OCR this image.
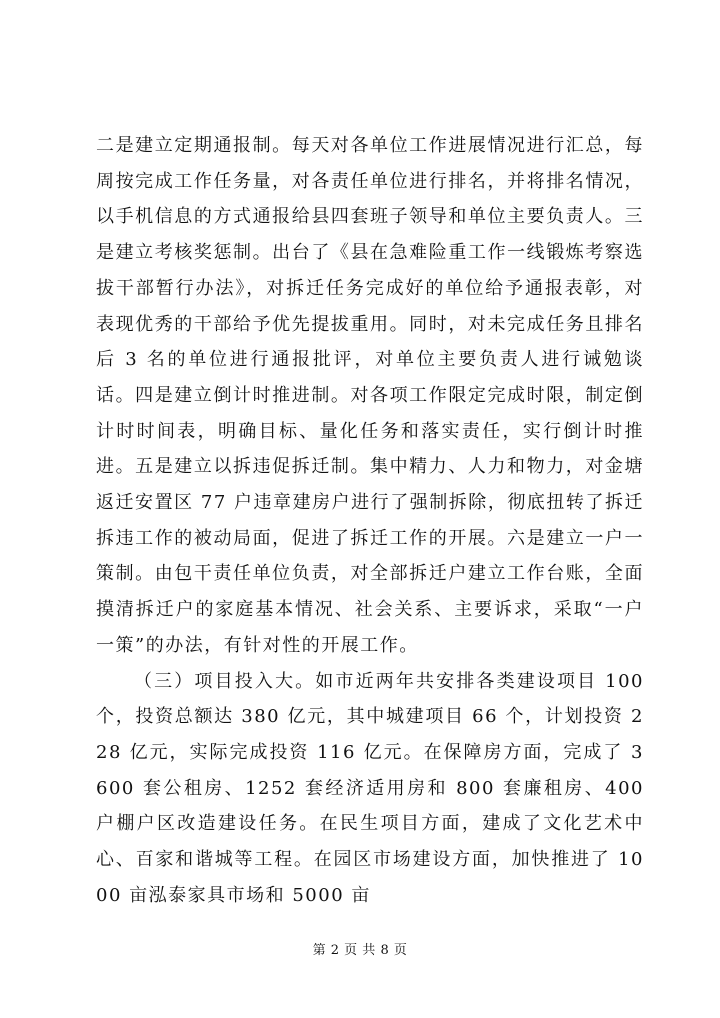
二是建立定期通报制。每天对各单位工作进展情况进行汇总，每周按完成工作任务量，对各责任单位进行排名，并将排名情况，以手机信息的方式通报给县四套班子领导和单位主要负责人。三是建立考核奖惩制。出台了《县在急难险重工作一线锻炼考察选拔干部暂行办法》，对拆迁任务完成好的单位给予通报表彰，对表现优秀的干部给予优先提拔重用。同时，对未完成任务且排名后 3 名的单位进行通报批评，对单位主要负责人进行诫勉谈话。四是建立倒计时推进制。对各项工作限定完成时限，制定倒计时时间表，明确目标、量化任务和落实责任，实行倒计时推进。五是建立以拆违促拆迁制。集中精力、人力和物力，对金塘返迁安置区 77 户违章建房户进行了强制拆除，彻底扭转了拆迁拆违工作的被动局面，促进了拆迁工作的开展。六是建立一户一策制。由包干责任单位负责，对全部拆迁户建立工作台账，全面摸清拆迁户的家庭基本情况、社会关系、主要诉求，采取“一户一策”的办法，有针对性的开展工作。

（三）项目投入大。如市近两年共安排各类建设项目 100 个，投资总额达 380 亿元，其中城建项目 66 个，计划投资 228 亿元，实际完成投资 116 亿元。在保障房方面，完成了 3600 套公租房、1252 套经济适用房和 800 套廉租房、400 户棚户区改造建设任务。在民生项目方面，建成了文化艺术中心、百家和谐城等工程。在园区市场建设方面，加快推进了 1000 亩泓泰家具市场和 5000 亩

第 2 页 共 8 页
